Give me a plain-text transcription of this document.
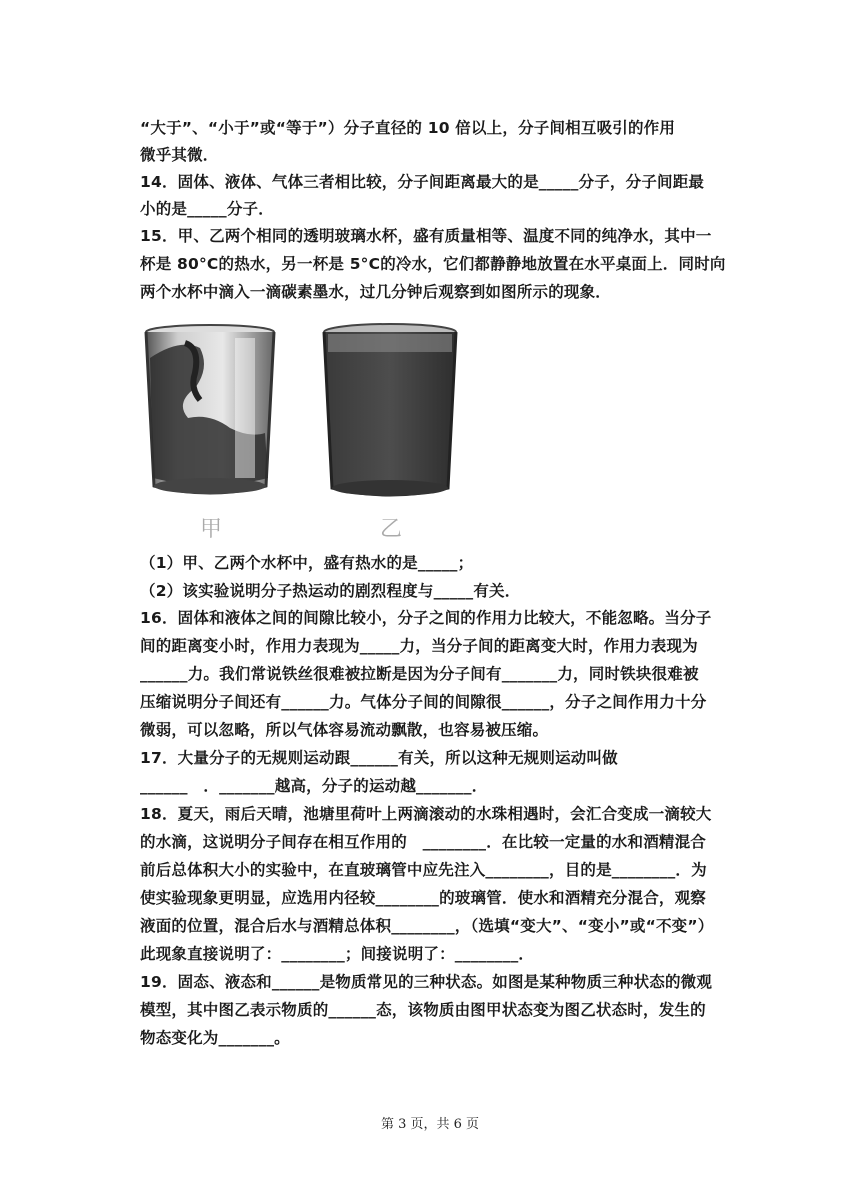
“大于”、“小于”或“等于”）分子直径的 10 倍以上，分子间相互吸引的作用
微乎其微．
14．固体、液体、气体三者相比较，分子间距离最大的是_____分子，分子间距最
小的是_____分子．
15．甲、乙两个相同的透明玻璃水杯，盛有质量相等、温度不同的纯净水，其中一
杯是 80°C的热水，另一杯是 5°C的冷水，它们都静静地放置在水平桌面上．同时向
两个水杯中滴入一滴碳素墨水，过几分钟后观察到如图所示的现象．
甲	乙
（1）甲、乙两个水杯中，盛有热水的是_____；
（2）该实验说明分子热运动的剧烈程度与_____有关．
16．固体和液体之间的间隙比较小，分子之间的作用力比较大，不能忽略。当分子
间的距离变小时，作用力表现为_____力，当分子间的距离变大时，作用力表现为
______力。我们常说铁丝很难被拉断是因为分子间有_______力，同时铁块很难被
压缩说明分子间还有______力。气体分子间的间隙很______，分子之间作用力十分
微弱，可以忽略，所以气体容易流动飘散，也容易被压缩。
17．大量分子的无规则运动跟______有关，所以这种无规则运动叫做
______　．_______越高，分子的运动越_______．
18．夏天，雨后天晴，池塘里荷叶上两滴滚动的水珠相遇时，会汇合变成一滴较大
的水滴，这说明分子间存在相互作用的　________．在比较一定量的水和酒精混合
前后总体积大小的实验中，在直玻璃管中应先注入________，目的是________．为
使实验现象更明显，应选用内径较________的玻璃管．使水和酒精充分混合，观察
液面的位置，混合后水与酒精总体积________，（选填“变大”、“变小”或“不变”）
此现象直接说明了：________；间接说明了：________．
19．固态、液态和______是物质常见的三种状态。如图是某种物质三种状态的微观
模型，其中图乙表示物质的______态，该物质由图甲状态变为图乙状态时，发生的
物态变化为_______。
第 3 页，共 6 页
